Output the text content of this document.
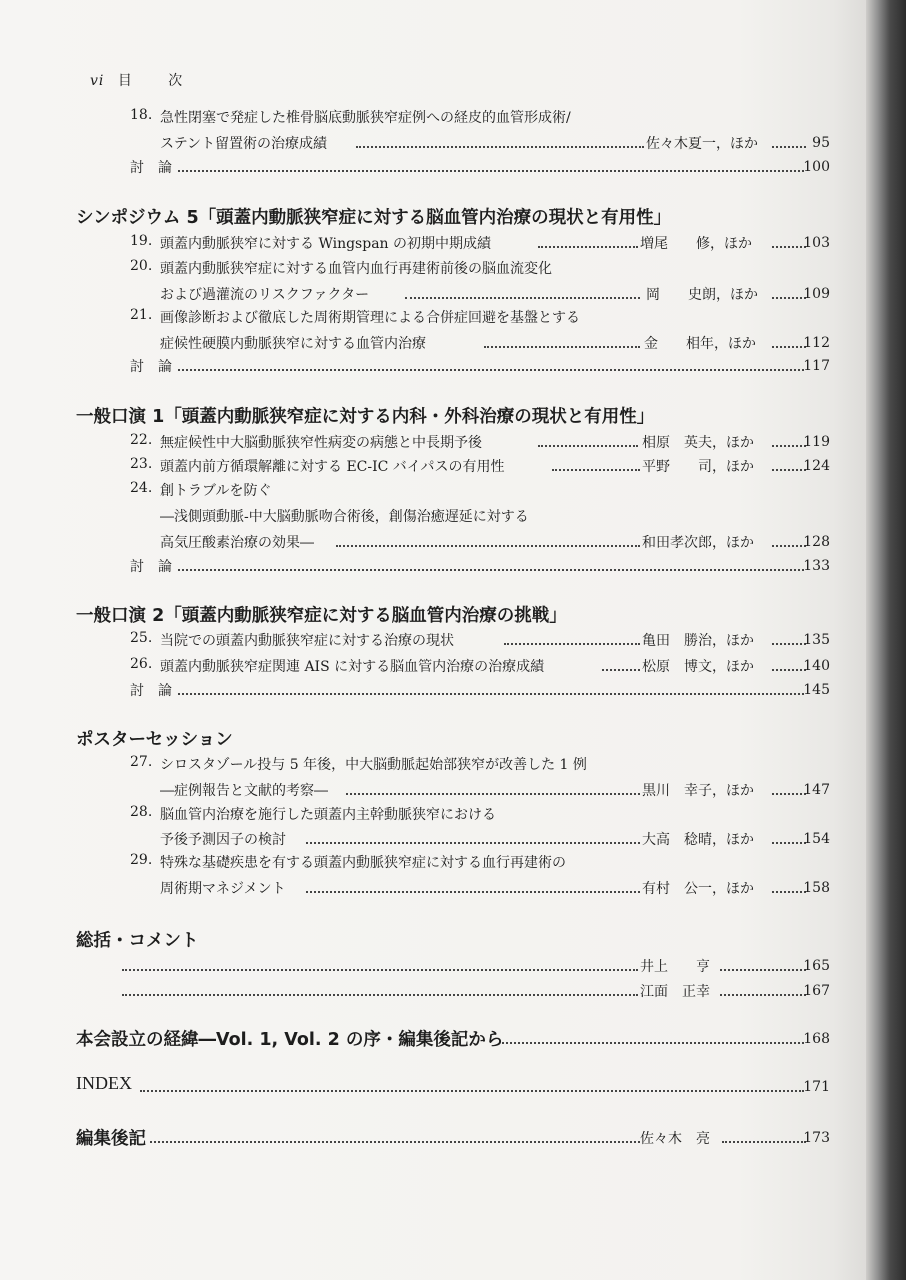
vi 目	次
18. 急性閉塞で発症した椎骨脳底動脈狭窄症例への経皮的血管形成術/
ステント留置術の治療成績	佐々木夏一，ほか	95
討　論	100
シンポジウム 5「頭蓋内動脈狭窄症に対する脳血管内治療の現状と有用性」
19. 頭蓋内動脈狭窄に対する Wingspan の初期中期成績	増尾　　修，ほか	103
20. 頭蓋内動脈狭窄症に対する血管内血行再建術前後の脳血流変化
および過灌流のリスクファクター	岡　　史朗，ほか	109
21. 画像診断および徹底した周術期管理による合併症回避を基盤とする
症候性硬膜内動脈狭窄に対する血管内治療	金　　相年，ほか	112
討　論	117
一般口演 1「頭蓋内動脈狭窄症に対する内科・外科治療の現状と有用性」
22. 無症候性中大脳動脈狭窄性病変の病態と中長期予後	相原　英夫，ほか	119
23. 頭蓋内前方循環解離に対する EC-IC バイパスの有用性	平野　　司，ほか	124
24. 創トラブルを防ぐ
―浅側頭動脈-中大脳動脈吻合術後，創傷治癒遅延に対する
高気圧酸素治療の効果―	和田孝次郎，ほか	128
討　論	133
一般口演 2「頭蓋内動脈狭窄症に対する脳血管内治療の挑戦」
25. 当院での頭蓋内動脈狭窄症に対する治療の現状	亀田　勝治，ほか	135
26. 頭蓋内動脈狭窄症関連 AIS に対する脳血管内治療の治療成績	松原　博文，ほか	140
討　論	145
ポスターセッション
27. シロスタゾール投与 5 年後，中大脳動脈起始部狭窄が改善した 1 例
―症例報告と文献的考察―	黒川　幸子，ほか	147
28. 脳血管内治療を施行した頭蓋内主幹動脈狭窄における
予後予測因子の検討	大高　稔晴，ほか	154
29. 特殊な基礎疾患を有する頭蓋内動脈狭窄症に対する血行再建術の
周術期マネジメント	有村　公一，ほか	158
総括・コメント
井上　　亨	165
江面　正幸	167
本会設立の経緯―Vol. 1, Vol. 2 の序・編集後記から	168
INDEX	171
編集後記	佐々木　亮	173
